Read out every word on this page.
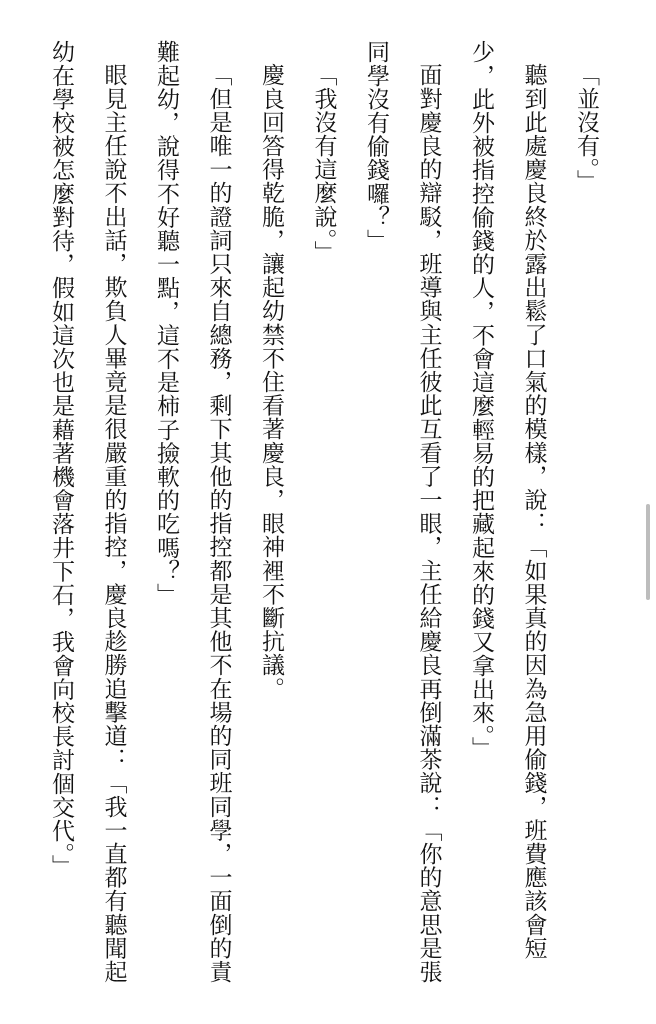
「並沒有。」

聽到此處慶良終於露出鬆了口氣的模樣，說：「如果真的因為急用偷錢，班費應該會短少，此外被指控偷錢的人，不會這麼輕易的把藏起來的錢又拿出來。」

面對慶良的辯駁，班導與主任彼此互看了一眼，主任給慶良再倒滿茶說：「你的意思是張同學沒有偷錢囉？」

「我沒有這麼說。」

慶良回答得乾脆，讓起幼禁不住看著慶良，眼神裡不斷抗議。

「但是唯一的證詞只來自總務，剩下其他的指控都是其他不在場的同班同學，一面倒的責難起幼，說得不好聽一點，這不是柿子撿軟的吃嗎？」

眼見主任說不出話，欺負人畢竟是很嚴重的指控，慶良趁勝追擊道：「我一直都有聽聞起幼在學校被怎麼對待，假如這次也是藉著機會落井下石，我會向校長討個交代。」
